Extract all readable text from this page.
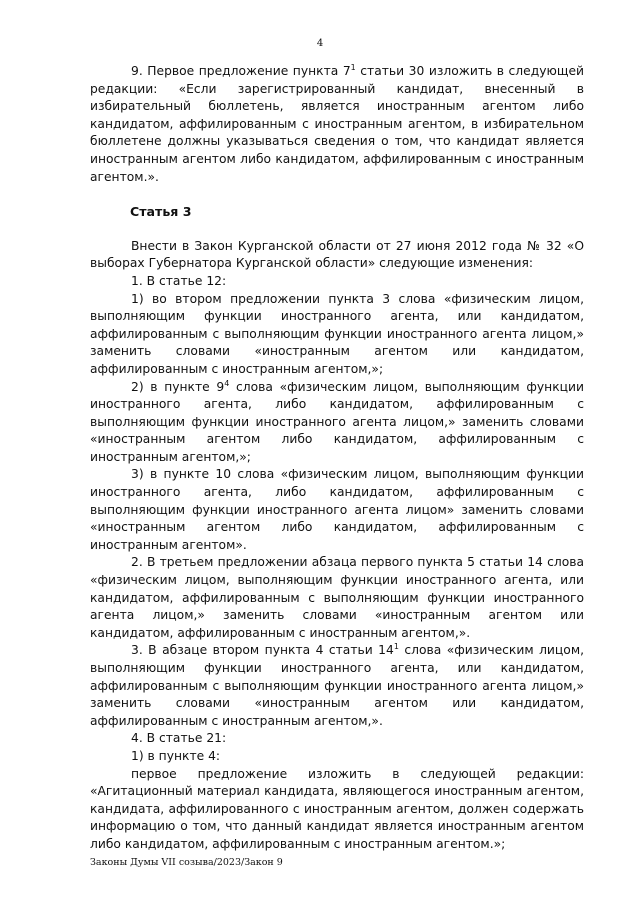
4

9. Первое предложение пункта $7^1$ статьи 30 изложить в следующей редакции: «Если зарегистрированный кандидат, внесенный в избирательный бюллетень, является иностранным агентом либо кандидатом, аффилированным с иностранным агентом, в избирательном бюллетене должны указываться сведения о том, что кандидат является иностранным агентом либо кандидатом, аффилированным с иностранным агентом.».

Статья 3

Внести в Закон Курганской области от 27 июня 2012 года № 32 «О выборах Губернатора Курганской области» следующие изменения:

1. В статье 12:

1) во втором предложении пункта 3 слова «физическим лицом, выполняющим функции иностранного агента, или кандидатом, аффилированным с выполняющим функции иностранного агента лицом,» заменить словами «иностранным агентом или кандидатом, аффилированным с иностранным агентом,»;

2) в пункте $9^4$ слова «физическим лицом, выполняющим функции иностранного агента, либо кандидатом, аффилированным с выполняющим функции иностранного агента лицом,» заменить словами «иностранным агентом либо кандидатом, аффилированным с иностранным агентом,»;

3) в пункте 10 слова «физическим лицом, выполняющим функции иностранного агента, либо кандидатом, аффилированным с выполняющим функции иностранного агента лицом» заменить словами «иностранным агентом либо кандидатом, аффилированным с иностранным агентом».

2. В третьем предложении абзаца первого пункта 5 статьи 14 слова «физическим лицом, выполняющим функции иностранного агента, или кандидатом, аффилированным с выполняющим функции иностранного агента лицом,» заменить словами «иностранным агентом или кандидатом, аффилированным с иностранным агентом,».

3. В абзаце втором пункта 4 статьи $14^1$ слова «физическим лицом, выполняющим функции иностранного агента, или кандидатом, аффилированным с выполняющим функции иностранного агента лицом,» заменить словами «иностранным агентом или кандидатом, аффилированным с иностранным агентом,».

4. В статье 21:

1) в пункте 4:

первое предложение изложить в следующей редакции: «Агитационный материал кандидата, являющегося иностранным агентом, кандидата, аффилированного с иностранным агентом, должен содержать информацию о том, что данный кандидат является иностранным агентом либо кандидатом, аффилированным с иностранным агентом.»;

Законы Думы VII созыва/2023/Закон 9
